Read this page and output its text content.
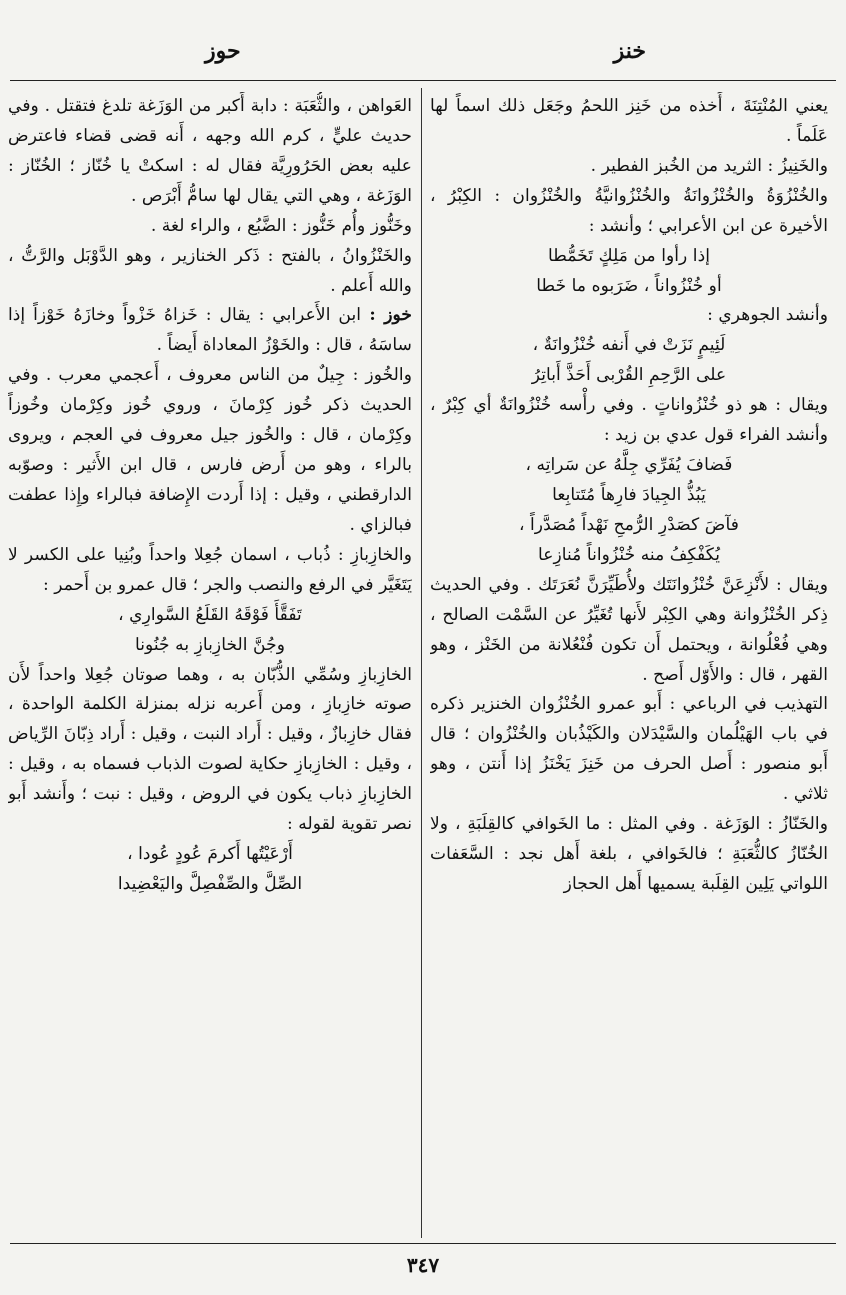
خنز
حوز

يعني المُنْتِنَةَ ، أَخذه من خَنِز اللحمُ وجَعَل ذلك اسماً لها عَلَماً .

والخَنِيزُ : الثريد من الخُبز الفطير .

والخُنْزُوَةُ والخُنْزُوانَةُ والخُنْزُوانيَّةُ والخُنْزُوان : الكِبْرُ ، الأخيرة عن ابن الأعرابي ؛ وأنشد :

إذا رأوا من مَلِكٍ تَخَمُّطا

أو خُنْزُواناً ، ضَرَبوه ما خَطا

وأنشد الجوهري :

لَئِيمٍ نَزَتْ في أَنفه خُنْزُوانَةٌ ،

على الرَّحِمِ القُرْبى أَحَذَّ أَباتِرُ

ويقال : هو ذو خُنْزُواناتٍ . وفي رأْسه خُنْزُوانَةٌ أي كِبْرٌ ، وأنشد الفراء قول عدي بن زيد :

فَضافَ يُفَرِّي جِلَّهُ عن سَراتِه ،

يَبُذُّ الجِيادَ فارِهاً مُتَتابِعا

فآضَ كصَدْرِ الرُّمحِ نَهْداً مُصَدَّراً ،

يُكَفْكِفُ منه خُنْزُواناً مُنازِعا

ويقال : لأَنْزِعَنَّ خُنْزُوانَتَك ولأُطَيِّرَنَّ نُعَرَتَك . وفي الحديث ذِكر الخُنْزُوانة وهي الكِبْر لأَنها تُغَيِّرُ عن السَّمْت الصالح ، وهي فُعْلُوانة ، ويحتمل أَن تكون فُنْعُلانة من الخَنْز ، وهو القهر ، قال : والأَوّل أَصح .

التهذيب في الرباعي : أَبو عمرو الخُنْزُوان الخنزير ذكره في باب الهَيْلُمان والسَّيْدَلان والكَيْذُبان والخُنْزُوان ؛ قال أَبو منصور : أَصل الحرف من خَنِزَ يَخْنَزُ إذا أَنتن ، وهو ثلاثي .

والخَنّازُ : الوَزَغة . وفي المثل : ما الخَوافي كالقِلَبَةِ ، ولا الخُنّازُ كالثُّعَبَةِ ؛ فالخَوافي ، بلغة أَهل نجد : السَّعَفات اللواتي يَلِين القِلَبة يسميها أَهل الحجاز

العَواهن ، والثُّعَبَة : دابة أَكبر من الوَزَغة تلدغ فتقتل . وفي حديث عليٍّ ، كرم الله وجهه ، أَنه قضى قضاء فاعترض عليه بعض الحَرُورِيَّة فقال له : اسكتْ يا خُنّاز ؛ الخُنّاز : الوَزَغة ، وهي التي يقال لها سامُّ أَبْرَص .

وخَنُّوز وأُم خَنُّوز : الضَّبُع ، والراء لغة .

والخَنْزُوانُ ، بالفتح : ذَكر الخنازير ، وهو الدَّوْبَل والرَّتُّ ، والله أَعلم .

خوز : ابن الأَعرابي : يقال : خَزاهُ خَزْواً وخازَهُ خَوْزاً إذا ساسَهُ ، قال : والخَوْزُ المعاداة أَيضاً .

والخُوز : جِيلٌ من الناس معروف ، أَعجمي معرب . وفي الحديث ذكر خُوز كِرْمانَ ، وروي خُوز وكِرْمان وخُوزاً وكِرْمان ، قال : والخُوز جيل معروف في العجم ، ويروى بالراء ، وهو من أَرض فارس ، قال ابن الأَثير : وصوّبه الدارقطني ، وقيل : إذا أَردت الإِضافة فبالراء وإِذا عطفت فبالزاي .

والخازِبازِ : ذُباب ، اسمان جُعِلا واحداً وبُنِيا على الكسر لا يَتَغَيَّر في الرفع والنصب والجر ؛ قال عمرو بن أَحمر :

تَفَقَّأَ فَوْقَهُ القَلَعُ السَّوارِي ،

وجُنَّ الخازِبازِ به جُنُونا

الخازِبازِ وسُمِّي الذُّبّان به ، وهما صوتان جُعِلا واحداً لأَن صوته خازِبازِ ، ومن أَعربه نزله بمنزلة الكلمة الواحدة ، فقال خازِبازٌ ، وقيل : أَراد النبت ، وقيل : أَراد ذِبّانَ الرِّياض ، وقيل : الخازِبازِ حكاية لصوت الذباب فسماه به ، وقيل : الخازِبازِ ذباب يكون في الروض ، وقيل : نبت ؛ وأَنشد أَبو نصر تقوية لقوله :

أَرْعَيْتُها أَكرمَ عُودٍ عُودا ،

الصِّلَّ والصِّفْصِلَّ واليَعْضِيدا

٣٤٧
